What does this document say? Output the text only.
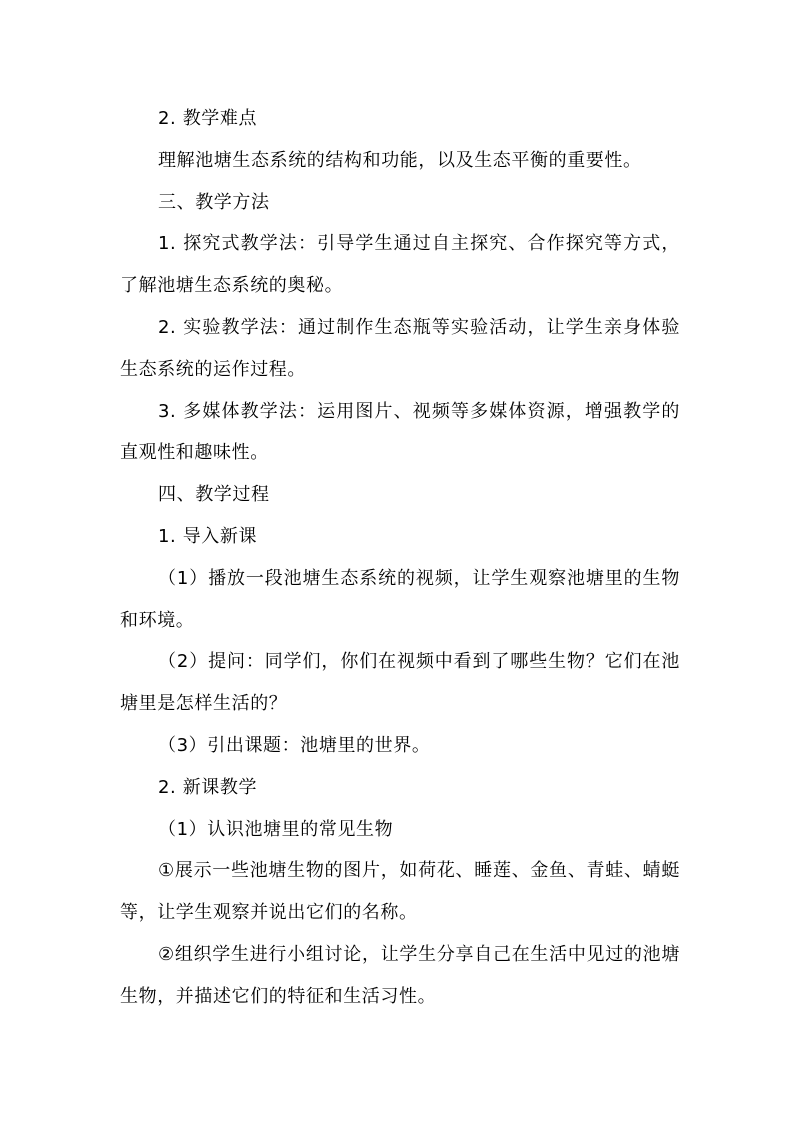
2. 教学难点

理解池塘生态系统的结构和功能，以及生态平衡的重要性。

三、教学方法

1. 探究式教学法：引导学生通过自主探究、合作探究等方式，了解池塘生态系统的奥秘。

2. 实验教学法：通过制作生态瓶等实验活动，让学生亲身体验生态系统的运作过程。

3. 多媒体教学法：运用图片、视频等多媒体资源，增强教学的直观性和趣味性。

四、教学过程

1. 导入新课

（1）播放一段池塘生态系统的视频，让学生观察池塘里的生物和环境。

（2）提问：同学们，你们在视频中看到了哪些生物？它们在池塘里是怎样生活的？

（3）引出课题：池塘里的世界。

2. 新课教学

（1）认识池塘里的常见生物

①展示一些池塘生物的图片，如荷花、睡莲、金鱼、青蛙、蜻蜓等，让学生观察并说出它们的名称。

②组织学生进行小组讨论，让学生分享自己在生活中见过的池塘生物，并描述它们的特征和生活习性。
